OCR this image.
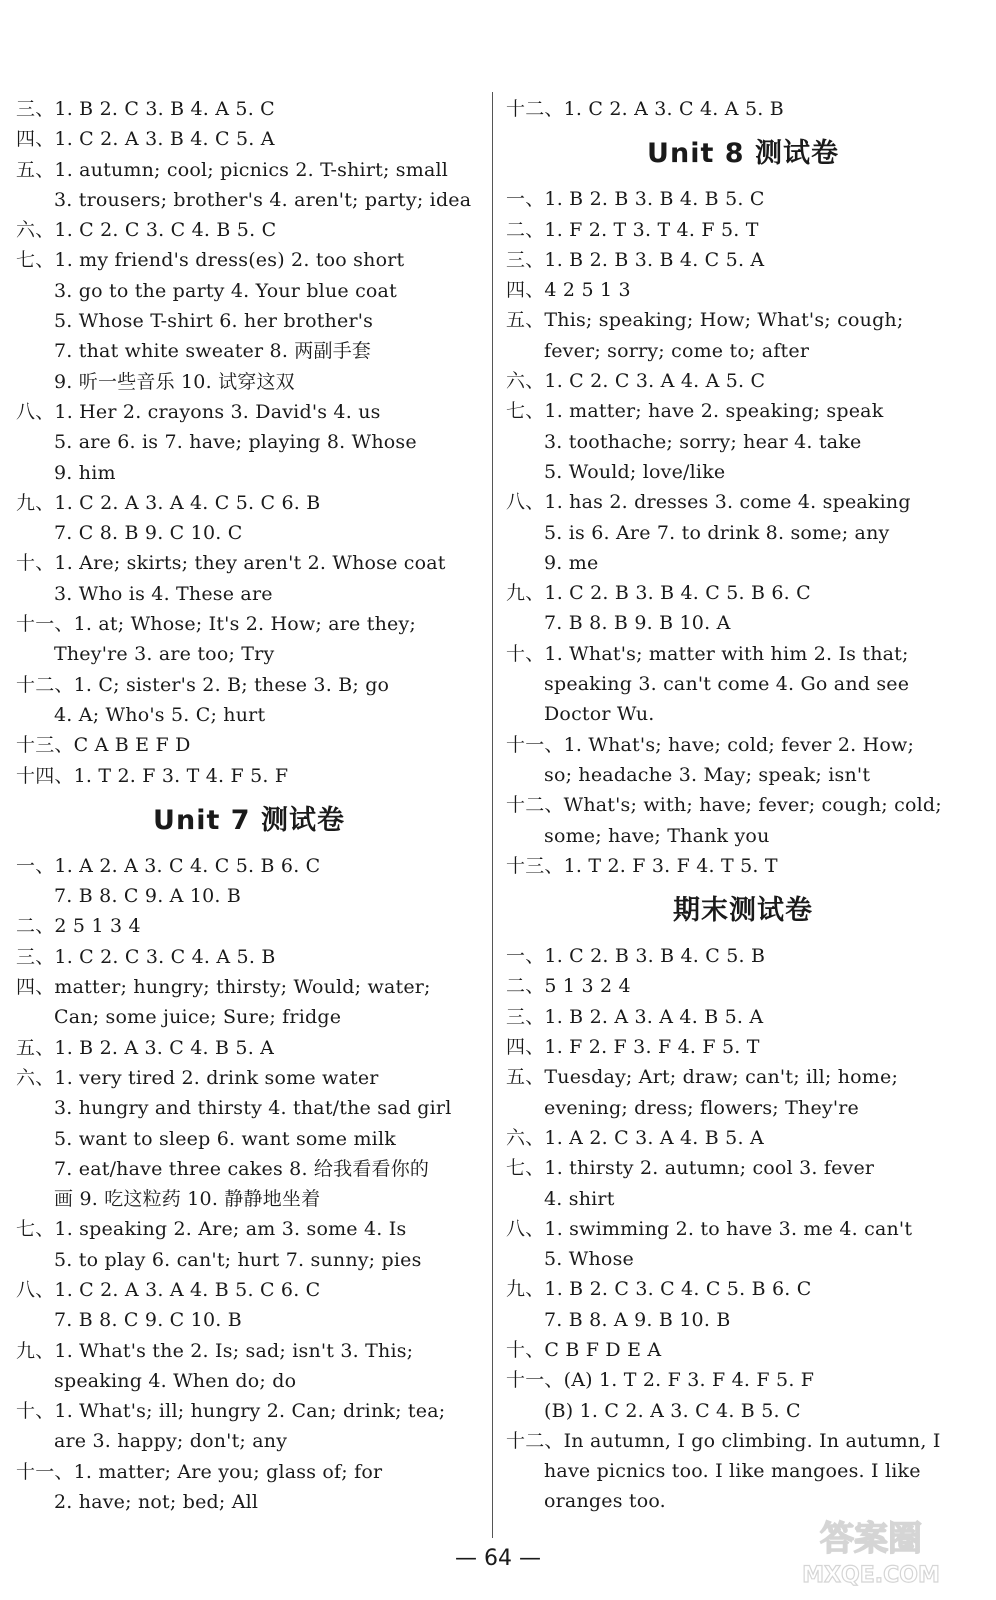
三、1. B 2. C 3. B 4. A 5. C
四、1. C 2. A 3. B 4. C 5. A
五、1. autumn; cool; picnics 2. T-shirt; small
3. trousers; brother's 4. aren't; party; idea
六、1. C 2. C 3. C 4. B 5. C
七、1. my friend's dress(es) 2. too short
3. go to the party 4. Your blue coat
5. Whose T-shirt 6. her brother's
7. that white sweater 8. 两副手套
9. 听一些音乐 10. 试穿这双
八、1. Her 2. crayons 3. David's 4. us
5. are 6. is 7. have; playing 8. Whose
9. him
九、1. C 2. A 3. A 4. C 5. C 6. B
7. C 8. B 9. C 10. C
十、1. Are; skirts; they aren't 2. Whose coat
3. Who is 4. These are
十一、1. at; Whose; It's 2. How; are they;
They're 3. are too; Try
十二、1. C; sister's 2. B; these 3. B; go
4. A; Who's 5. C; hurt
十三、C A B E F D
十四、1. T 2. F 3. T 4. F 5. F
Unit 7 测试卷
一、1. A 2. A 3. C 4. C 5. B 6. C
7. B 8. C 9. A 10. B
二、2 5 1 3 4
三、1. C 2. C 3. C 4. A 5. B
四、matter; hungry; thirsty; Would; water;
Can; some juice; Sure; fridge
五、1. B 2. A 3. C 4. B 5. A
六、1. very tired 2. drink some water
3. hungry and thirsty 4. that/the sad girl
5. want to sleep 6. want some milk
7. eat/have three cakes 8. 给我看看你的
画 9. 吃这粒药 10. 静静地坐着
七、1. speaking 2. Are; am 3. some 4. Is
5. to play 6. can't; hurt 7. sunny; pies
八、1. C 2. A 3. A 4. B 5. C 6. C
7. B 8. C 9. C 10. B
九、1. What's the 2. Is; sad; isn't 3. This;
speaking 4. When do; do
十、1. What's; ill; hungry 2. Can; drink; tea;
are 3. happy; don't; any
十一、1. matter; Are you; glass of; for
2. have; not; bed; All
十二、1. C 2. A 3. C 4. A 5. B
Unit 8 测试卷
一、1. B 2. B 3. B 4. B 5. C
二、1. F 2. T 3. T 4. F 5. T
三、1. B 2. B 3. B 4. C 5. A
四、4 2 5 1 3
五、This; speaking; How; What's; cough;
fever; sorry; come to; after
六、1. C 2. C 3. A 4. A 5. C
七、1. matter; have 2. speaking; speak
3. toothache; sorry; hear 4. take
5. Would; love/like
八、1. has 2. dresses 3. come 4. speaking
5. is 6. Are 7. to drink 8. some; any
9. me
九、1. C 2. B 3. B 4. C 5. B 6. C
7. B 8. B 9. B 10. A
十、1. What's; matter with him 2. Is that;
speaking 3. can't come 4. Go and see
Doctor Wu.
十一、1. What's; have; cold; fever 2. How;
so; headache 3. May; speak; isn't
十二、What's; with; have; fever; cough; cold;
some; have; Thank you
十三、1. T 2. F 3. F 4. T 5. T
期末测试卷
一、1. C 2. B 3. B 4. C 5. B
二、5 1 3 2 4
三、1. B 2. A 3. A 4. B 5. A
四、1. F 2. F 3. F 4. F 5. T
五、Tuesday; Art; draw; can't; ill; home;
evening; dress; flowers; They're
六、1. A 2. C 3. A 4. B 5. A
七、1. thirsty 2. autumn; cool 3. fever
4. shirt
八、1. swimming 2. to have 3. me 4. can't
5. Whose
九、1. B 2. C 3. C 4. C 5. B 6. C
7. B 8. A 9. B 10. B
十、C B F D E A
十一、(A) 1. T 2. F 3. F 4. F 5. F
(B) 1. C 2. A 3. C 4. B 5. C
十二、In autumn, I go climbing. In autumn, I
have picnics too. I like mangoes. I like
oranges too.
— 64 —	答案圈
MXQE.COM
